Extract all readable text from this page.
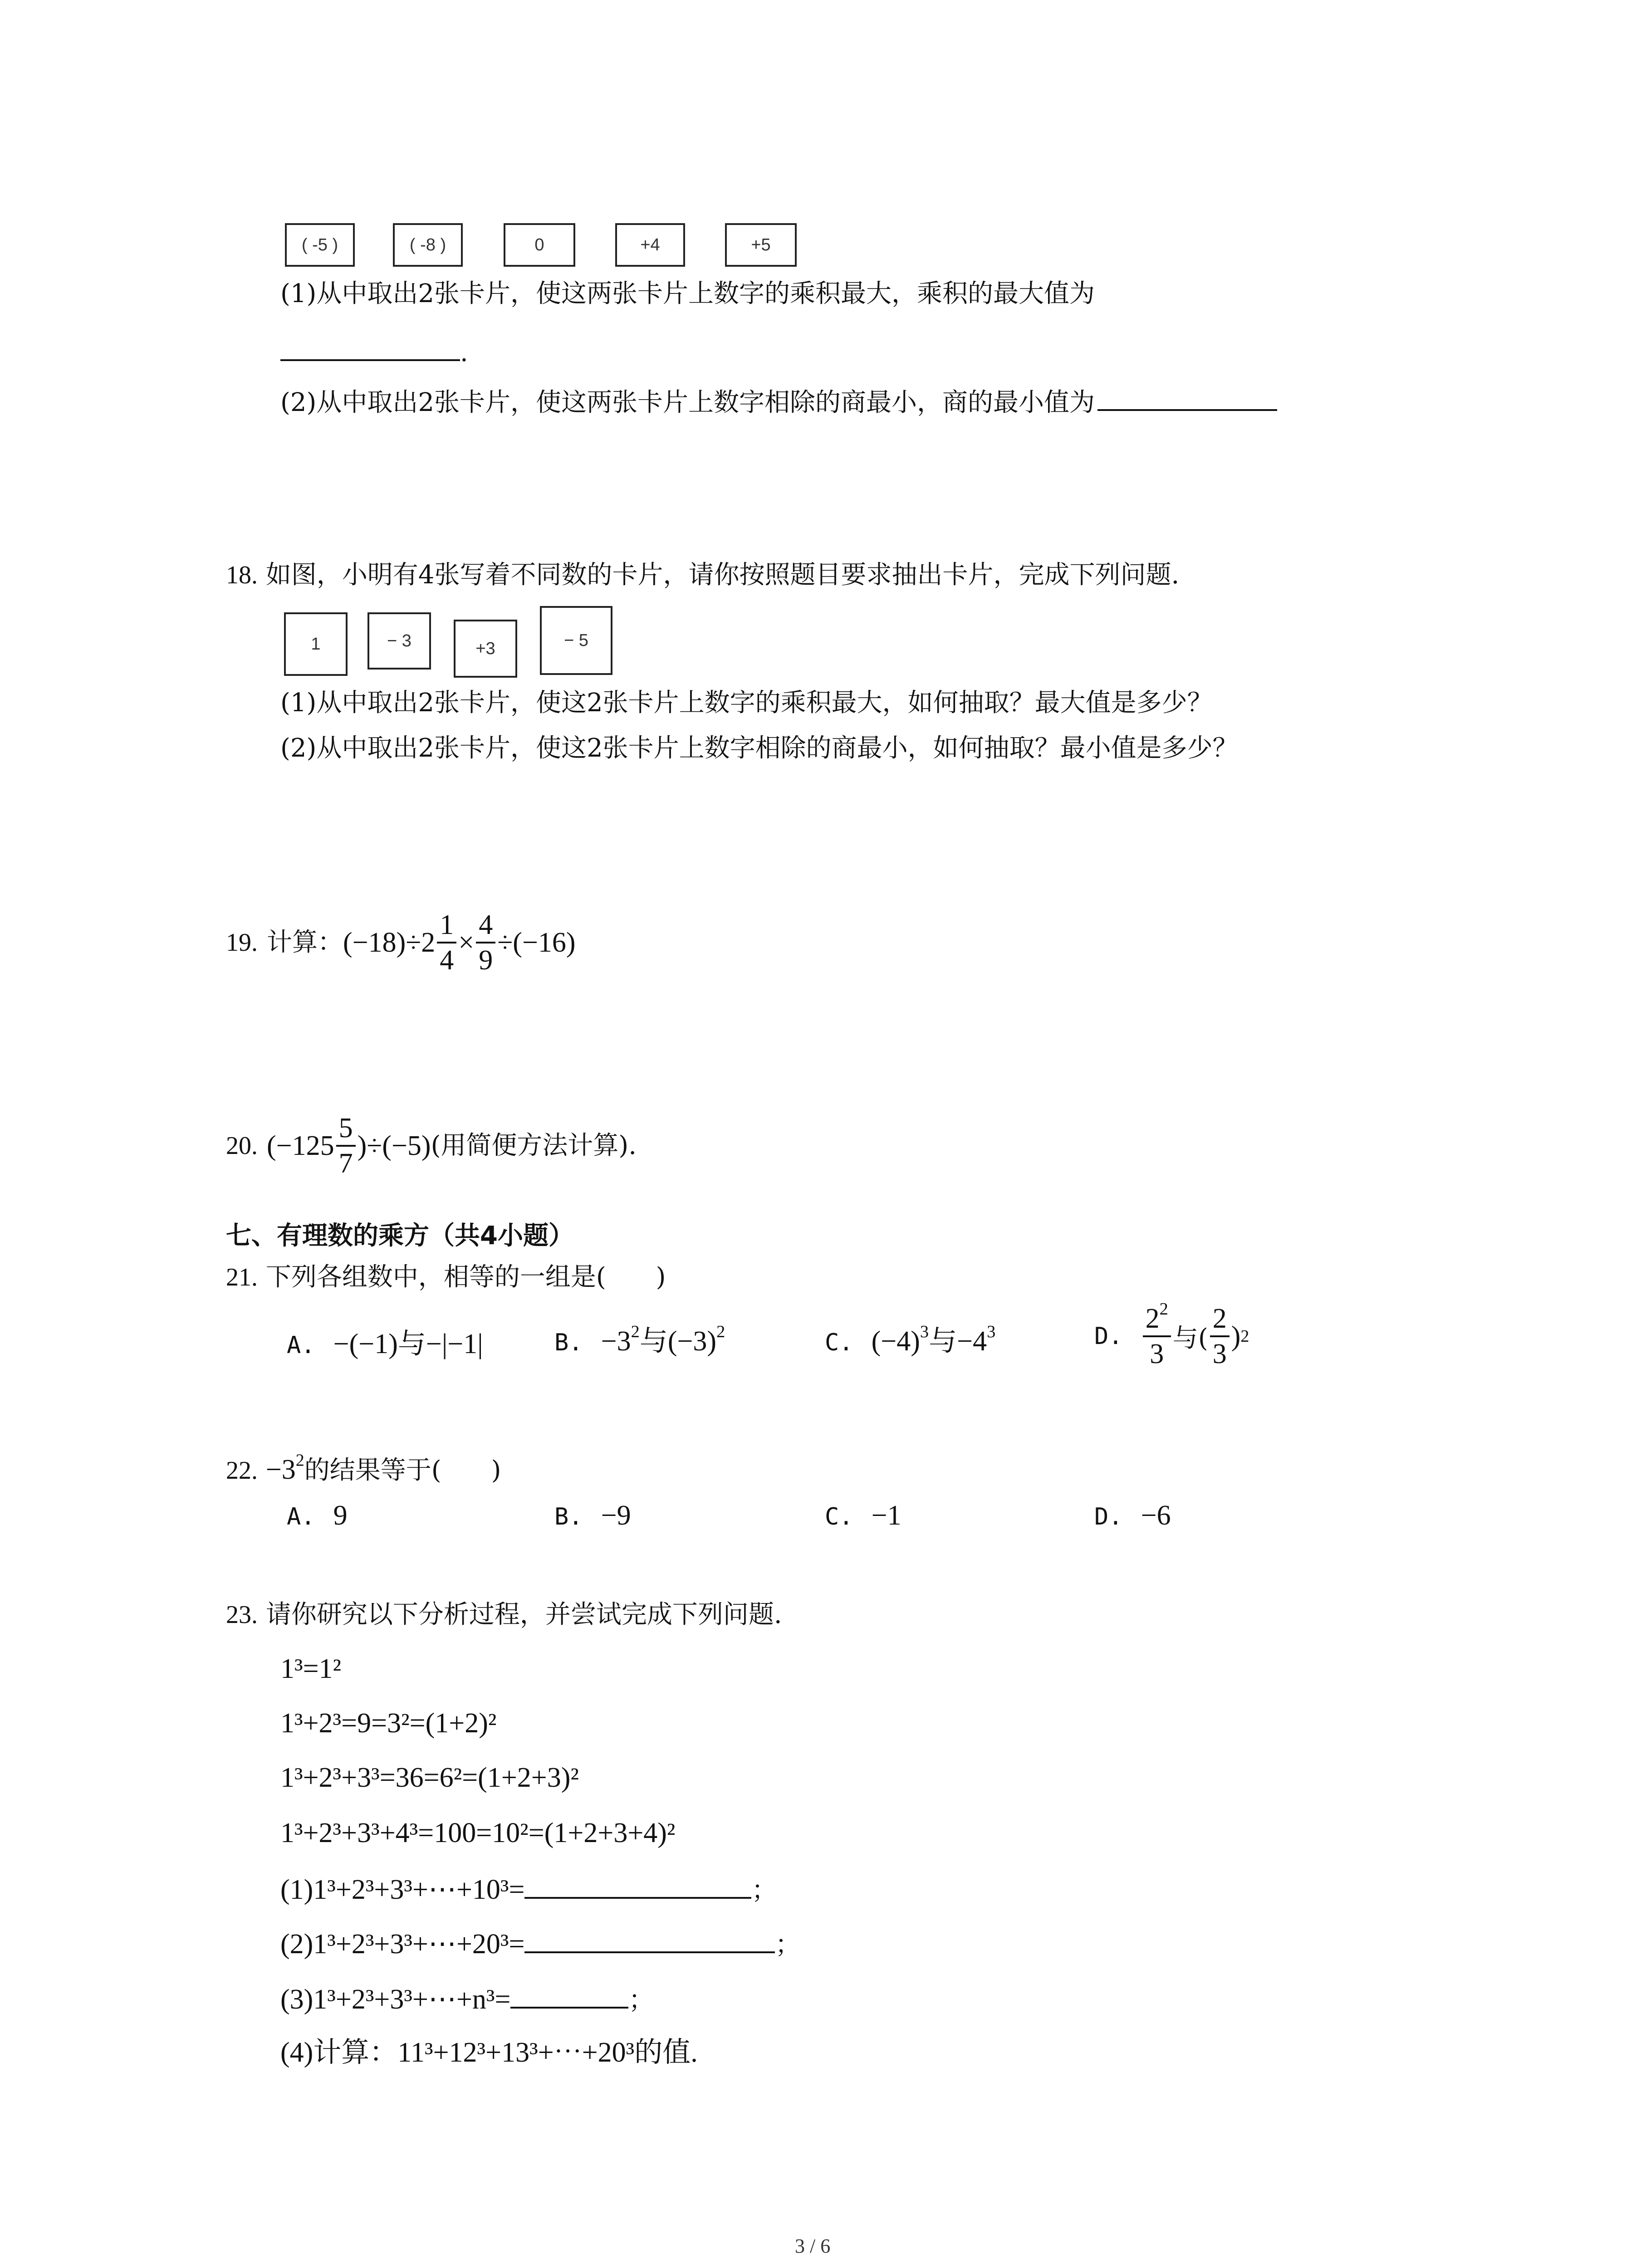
( -5 )	( -8 )	0	+4	+5
(1)从中取出2张卡片，使这两张卡片上数字的乘积最大，乘积的最大值为
.
(2)从中取出2张卡片，使这两张卡片上数字相除的商最小，商的最小值为
18. 如图，小明有4张写着不同数的卡片，请你按照题目要求抽出卡片，完成下列问题.
1	− 3	+3	− 5
(1)从中取出2张卡片，使这2张卡片上数字的乘积最大，如何抽取？最大值是多少？
(2)从中取出2张卡片，使这2张卡片上数字相除的商最小，如何抽取？最小值是多少？
19. 计算： $(-18)\div 2 \frac{1}{4} \times \frac{4}{9} \div(-16)$
20. $(-125 \frac{5}{7} )\div(-5)$ (用简便方法计算).
七、有理数的乘方（共4小题）
21. 下列各组数中，相等的一组是( )
A. −(−1)与−|−1|	B. $-3^2$与$(-3)^2$	C. $(-4)^3$与$-4^3$	D. $\frac{2^2}{3}$ 与( $\frac{2}{3}$ ) 2
22. $-3^2$的结果等于( )
A. 9	B. −9	C. −1	D. −6
23. 请你研究以下分析过程，并尝试完成下列问题.
1³=1²
1³+2³=9=3²=(1+2)²
1³+2³+3³=36=6²=(1+2+3)²
1³+2³+3³+4³=100=10²=(1+2+3+4)²
(1)1³+2³+3³+⋯+10³=	；
(2)1³+2³+3³+⋯+20³=	；
(3)1³+2³+3³+⋯+n³=	；
(4)计算：11³+12³+13³+⋯+20³的值.
3 / 6
